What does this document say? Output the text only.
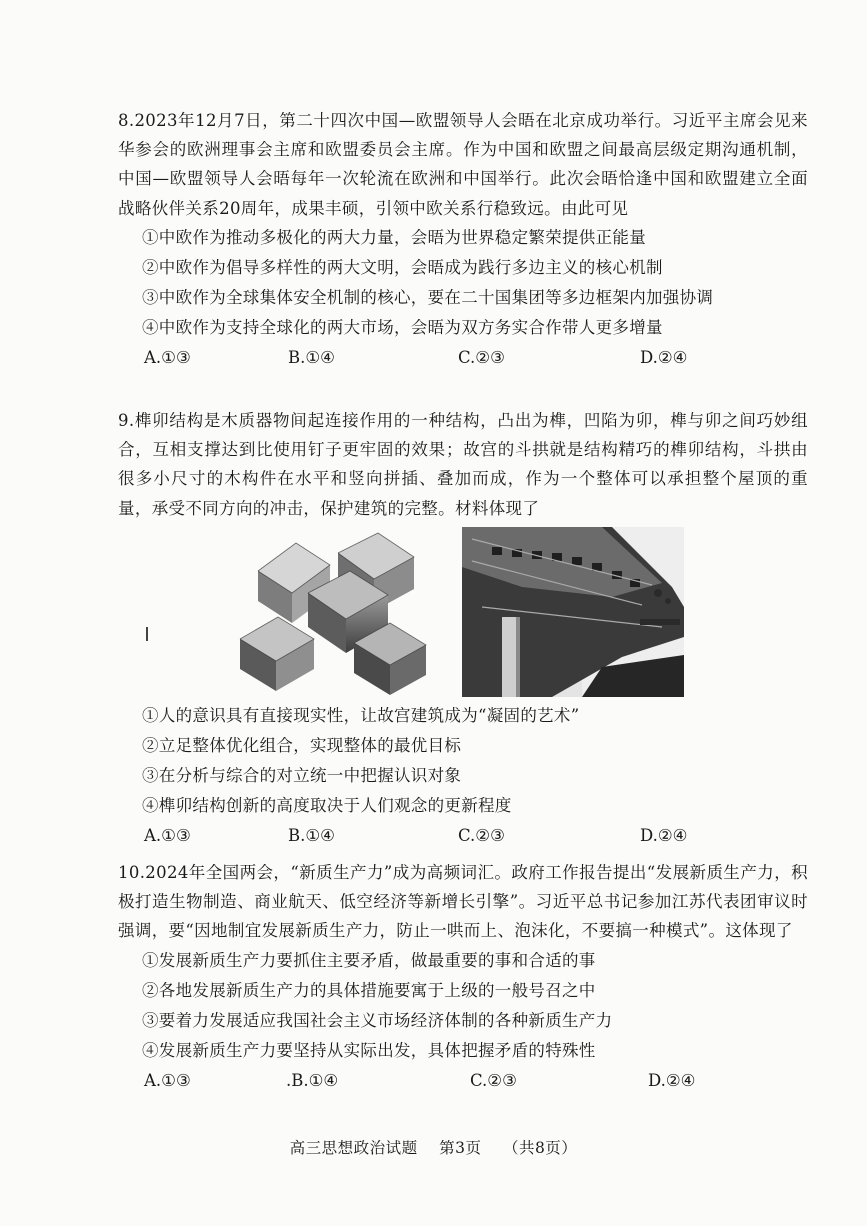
8.2023年12月7日，第二十四次中国—欧盟领导人会晤在北京成功举行。习近平主席会见来华参会的欧洲理事会主席和欧盟委员会主席。作为中国和欧盟之间最高层级定期沟通机制，中国—欧盟领导人会晤每年一次轮流在欧洲和中国举行。此次会晤恰逢中国和欧盟建立全面战略伙伴关系20周年，成果丰硕，引领中欧关系行稳致远。由此可见
①中欧作为推动多极化的两大力量，会晤为世界稳定繁荣提供正能量
②中欧作为倡导多样性的两大文明，会晤成为践行多边主义的核心机制
③中欧作为全球集体安全机制的核心，要在二十国集团等多边框架内加强协调
④中欧作为支持全球化的两大市场，会晤为双方务实合作带人更多增量
A.①③	B.①④	C.②③	D.②④
9.榫卯结构是木质器物间起连接作用的一种结构，凸出为榫，凹陷为卯，榫与卯之间巧妙组合，互相支撑达到比使用钉子更牢固的效果；故宫的斗拱就是结构精巧的榫卯结构，斗拱由很多小尺寸的木构件在水平和竖向拼插、叠加而成，作为一个整体可以承担整个屋顶的重量，承受不同方向的冲击，保护建筑的完整。材料体现了
①人的意识具有直接现实性，让故宫建筑成为“凝固的艺术”
②立足整体优化组合，实现整体的最优目标
③在分析与综合的对立统一中把握认识对象
④榫卯结构创新的高度取决于人们观念的更新程度
A.①③	B.①④	C.②③	D.②④
10.2024年全国两会，“新质生产力”成为高频词汇。政府工作报告提出“发展新质生产力，积极打造生物制造、商业航天、低空经济等新增长引擎”。习近平总书记参加江苏代表团审议时强调，要“因地制宜发展新质生产力，防止一哄而上、泡沫化，不要搞一种模式”。这体现了
①发展新质生产力要抓住主要矛盾，做最重要的事和合适的事
②各地发展新质生产力的具体措施要寓于上级的一般号召之中
③要着力发展适应我国社会主义市场经济体制的各种新质生产力
④发展新质生产力要坚持从实际出发，具体把握矛盾的特殊性
A.①③	.B.①④	C.②③	D.②④
高三思想政治试题 第3页 （共8页）
